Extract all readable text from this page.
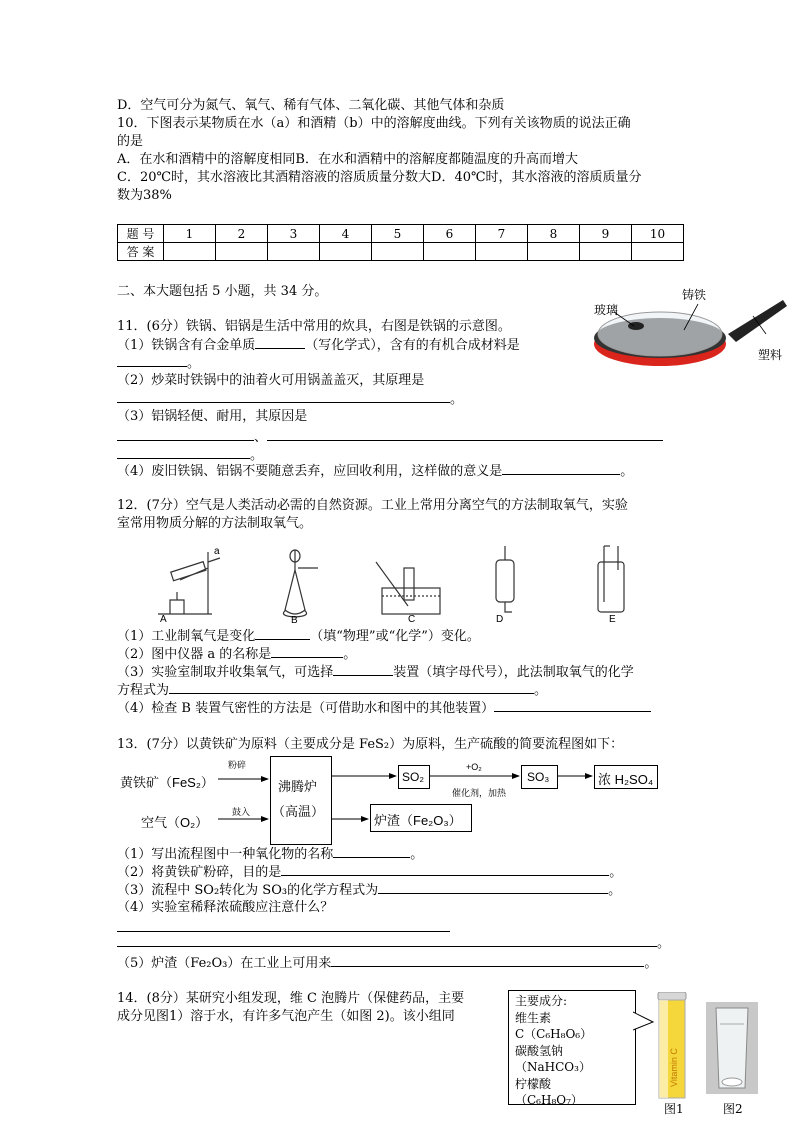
D．空气可分为氮气、氧气、稀有气体、二氧化碳、其他气体和杂质
10．下图表示某物质在水（a）和酒精（b）中的溶解度曲线。下列有关该物质的说法正确
的是
A．在水和酒精中的溶解度相同B．在水和酒精中的溶解度都随温度的升高而增大
C．20℃时，其水溶液比其酒精溶液的溶质质量分数大D．40℃时，其水溶液的溶质质量分
数为38%
题 号	1	2	3	4	5	6	7	8	9	10
答 案										
二、本大题包括 5 小题，共 34 分。
11．(6分）铁锅、铝锅是生活中常用的炊具，右图是铁锅的示意图。
（1）铁锅含有合金单质	（写化学式），含有的有机合成材料是
。
（2）炒菜时铁锅中的油着火可用锅盖盖灭，其原理是
。
（3）铝锅轻便、耐用，其原因是
、
。
（4）废旧铁锅、铝锅不要随意丢弃，应回收利用，这样做的意义是	。
铸铁
玻璃
塑料
12．(7分）空气是人类活动必需的自然资源。工业上常用分离空气的方法制取氧气，实验
室常用物质分解的方法制取氧气。
a
A	B	C	D	E
（1）工业制氧气是变化	（填“物理”或“化学”）变化。
（2）图中仪器 a 的名称是	。
（3）实验室制取并收集氧气，可选择	装置（填字母代号），此法制取氧气的化学
方程式为	。
（4）检查 B 装置气密性的方法是（可借助水和图中的其他装置）
13．(7分）以黄铁矿为原料（主要成分是 FeS₂）为原料，生产硫酸的简要流程图如下：
黄铁矿（FeS₂）
粉碎
空气（O₂）
鼓入
沸腾炉
（高温）
SO₂
+O₂
催化剂，加热
SO₃	浓 H₂SO₄
炉渣（Fe₂O₃）
（1）写出流程图中一种氧化物的名称	。
（2）将黄铁矿粉碎，目的是	。
（3）流程中 SO₂转化为 SO₃的化学方程式为	。
（4）实验室稀释浓硫酸应注意什么？
。
（5）炉渣（Fe₂O₃）在工业上可用来	。
14．(8分）某研究小组发现，维 C 泡腾片（保健药品，主要
成分见图1）溶于水，有许多气泡产生（如图 2)。该小组同
主要成分:
维生素
C（C₆H₈O₆）
碳酸氢钠
（NaHCO₃）
柠檬酸
（C₆H₈O₇）
Vitamin C
图1	图2
